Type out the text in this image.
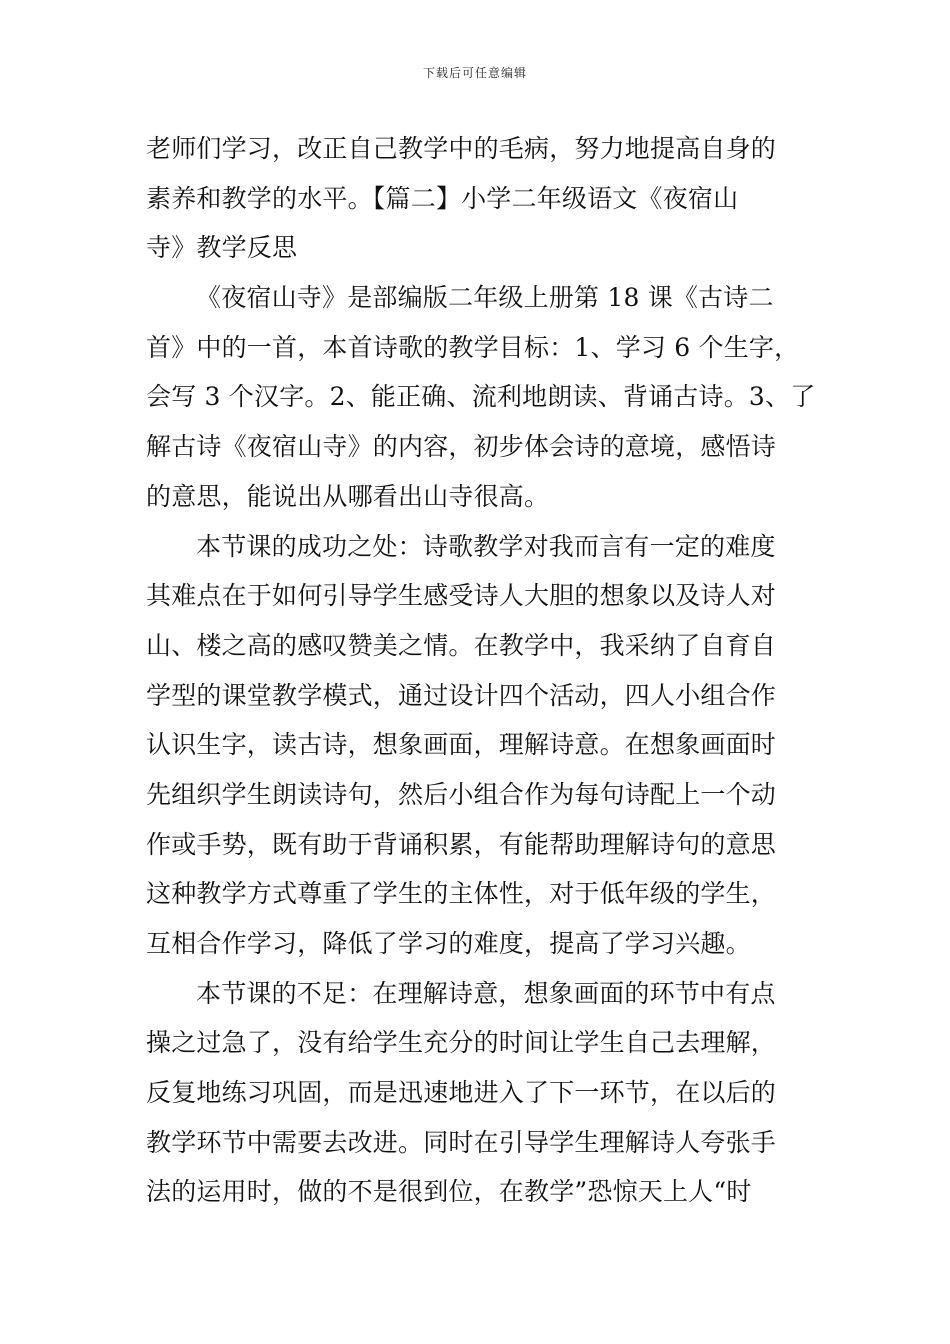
下载后可任意编辑
老师们学习，改正自己教学中的毛病，努力地提高自身的
素养和教学的水平。【篇二】小学二年级语文《夜宿山
寺》教学反思
《夜宿山寺》是部编版二年级上册第 18 课《古诗二
首》中的一首，本首诗歌的教学目标：1、学习 6 个生字，
会写 3 个汉字。2、能正确、流利地朗读、背诵古诗。3、了
解古诗《夜宿山寺》的内容，初步体会诗的意境，感悟诗
的意思，能说出从哪看出山寺很高。
本节课的成功之处：诗歌教学对我而言有一定的难度
其难点在于如何引导学生感受诗人大胆的想象以及诗人对
山、楼之高的感叹赞美之情。在教学中，我采纳了自育自
学型的课堂教学模式，通过设计四个活动，四人小组合作
认识生字，读古诗，想象画面，理解诗意。在想象画面时
先组织学生朗读诗句，然后小组合作为每句诗配上一个动
作或手势，既有助于背诵积累，有能帮助理解诗句的意思
这种教学方式尊重了学生的主体性，对于低年级的学生，
互相合作学习，降低了学习的难度，提高了学习兴趣。
本节课的不足：在理解诗意，想象画面的环节中有点
操之过急了，没有给学生充分的时间让学生自己去理解，
反复地练习巩固，而是迅速地进入了下一环节，在以后的
教学环节中需要去改进。同时在引导学生理解诗人夸张手
法的运用时，做的不是很到位，在教学”恐惊天上人“时
